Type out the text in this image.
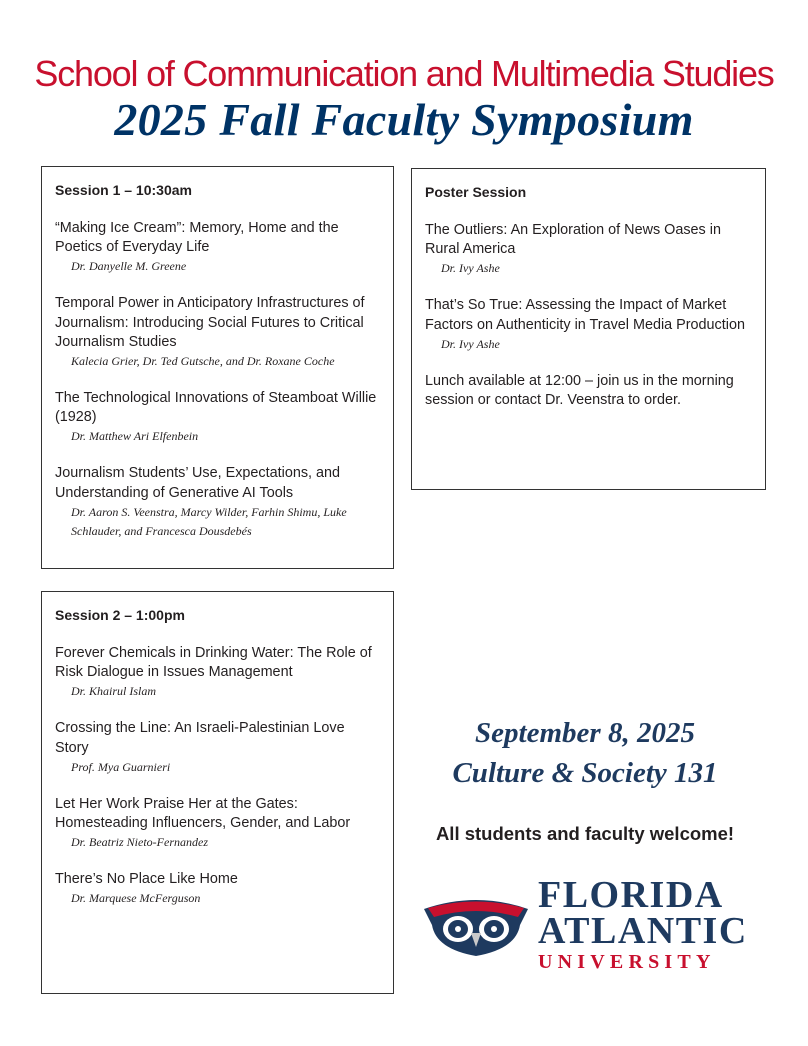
School of Communication and Multimedia Studies
2025 Fall Faculty Symposium
Session 1 – 10:30am
“Making Ice Cream”: Memory, Home and the Poetics of Everyday Life
Dr. Danyelle M. Greene
Temporal Power in Anticipatory Infrastructures of Journalism: Introducing Social Futures to Critical Journalism Studies
Kalecia Grier, Dr. Ted Gutsche, and Dr. Roxane Coche
The Technological Innovations of Steamboat Willie (1928)
Dr. Matthew Ari Elfenbein
Journalism Students’ Use, Expectations, and Understanding of Generative AI Tools
Dr. Aaron S. Veenstra, Marcy Wilder, Farhin Shimu, Luke Schlauder, and Francesca Dousdebés
Poster Session
The Outliers: An Exploration of News Oases in Rural America
Dr. Ivy Ashe
That’s So True: Assessing the Impact of Market Factors on Authenticity in Travel Media Production
Dr. Ivy Ashe
Lunch available at 12:00 – join us in the morning session or contact Dr. Veenstra to order.
Session 2 – 1:00pm
Forever Chemicals in Drinking Water: The Role of Risk Dialogue in Issues Management
Dr. Khairul Islam
Crossing the Line: An Israeli-Palestinian Love Story
Prof. Mya Guarnieri
Let Her Work Praise Her at the Gates: Homesteading Influencers, Gender, and Labor
Dr. Beatriz Nieto-Fernandez
There’s No Place Like Home
Dr. Marquese McFerguson
September 8, 2025
Culture & Society 131
All students and faculty welcome!
FLORIDA
ATLANTIC
UNIVERSITY
